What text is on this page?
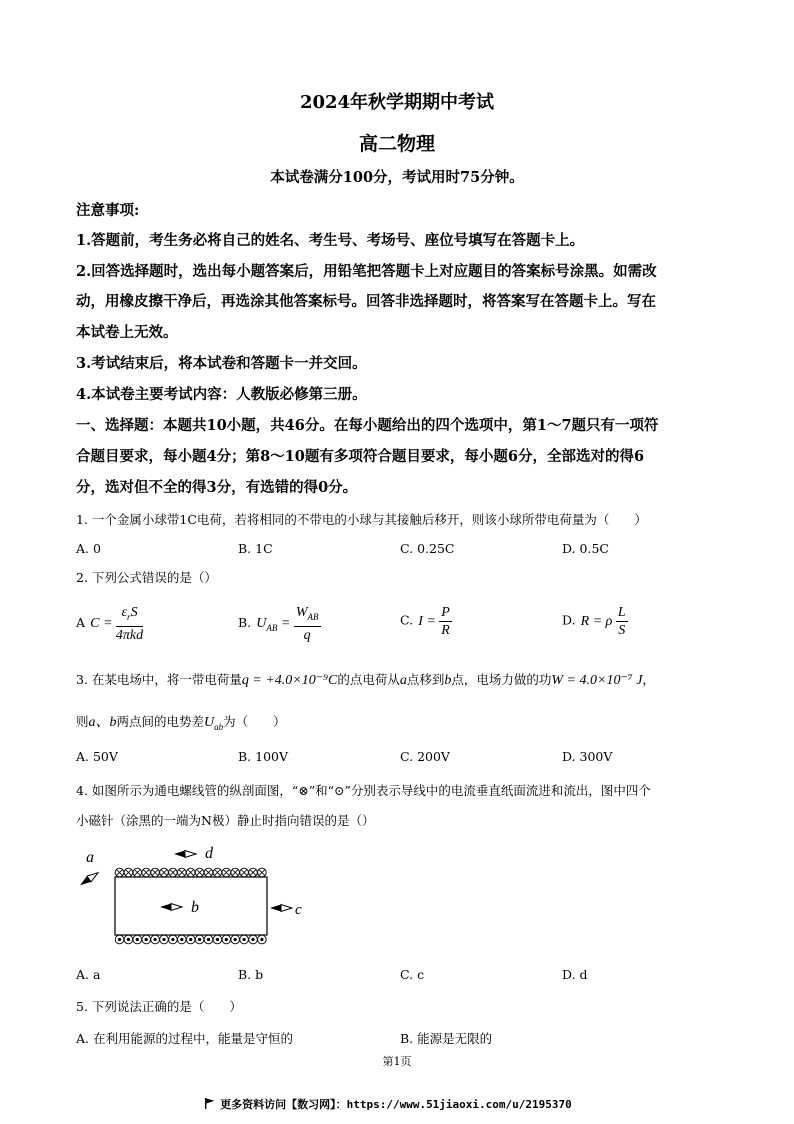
2024年秋学期期中考试
高二物理
本试卷满分100分，考试用时75分钟。
注意事项:
1.答题前，考生务必将自己的姓名、考生号、考场号、座位号填写在答题卡上。
2.回答选择题时，选出每小题答案后，用铅笔把答题卡上对应题目的答案标号涂黑。如需改
动，用橡皮擦干净后，再选涂其他答案标号。回答非选择题时，将答案写在答题卡上。写在
本试卷上无效。
3.考试结束后，将本试卷和答题卡一并交回。
4.本试卷主要考试内容：人教版必修第三册。
一、选择题：本题共10小题，共46分。在每小题给出的四个选项中，第1～7题只有一项符
合题目要求，每小题4分；第8～10题有多项符合题目要求，每小题6分，全部选对的得6
分，选对但不全的得3分，有选错的得0分。
1. 一个金属小球带1C电荷，若将相同的不带电的小球与其接触后移开，则该小球所带电荷量为（　　）
A. 0	B. 1C	C. 0.25C	D. 0.5C
2. 下列公式错误的是（）
A $C = \frac{\varepsilon_rS}{\text{4πkd}}$	B. $U_{AB} = \frac{W_{AB}}{q}$	C. $I = \frac{P}{R}$	D. R = ρ $\frac{L}{S}$
3. 在某电场中，将一带电荷量q = +4.0×10⁻⁹C的点电荷从a点移到b点，电场力做的功W = 4.0×10⁻⁷ J，
则a、b两点间的电势差$U_{ab}$为（　　）
A. 50V	B. 100V	C. 200V	D. 300V
4. 如图所示为通电螺线管的纵剖面图，“⊗”和“⊙”分别表示导线中的电流垂直纸面流进和流出，图中四个
小磁针（涂黑的一端为N极）静止时指向错误的是（）
a	d
b	c
A. a	B. b	C. c	D. d
5. 下列说法正确的是（　　）
A. 在利用能源的过程中，能量是守恒的	B. 能源是无限的
第1页
更多资料访问【数习网】：https://www.51jiaoxi.com/u/2195370
